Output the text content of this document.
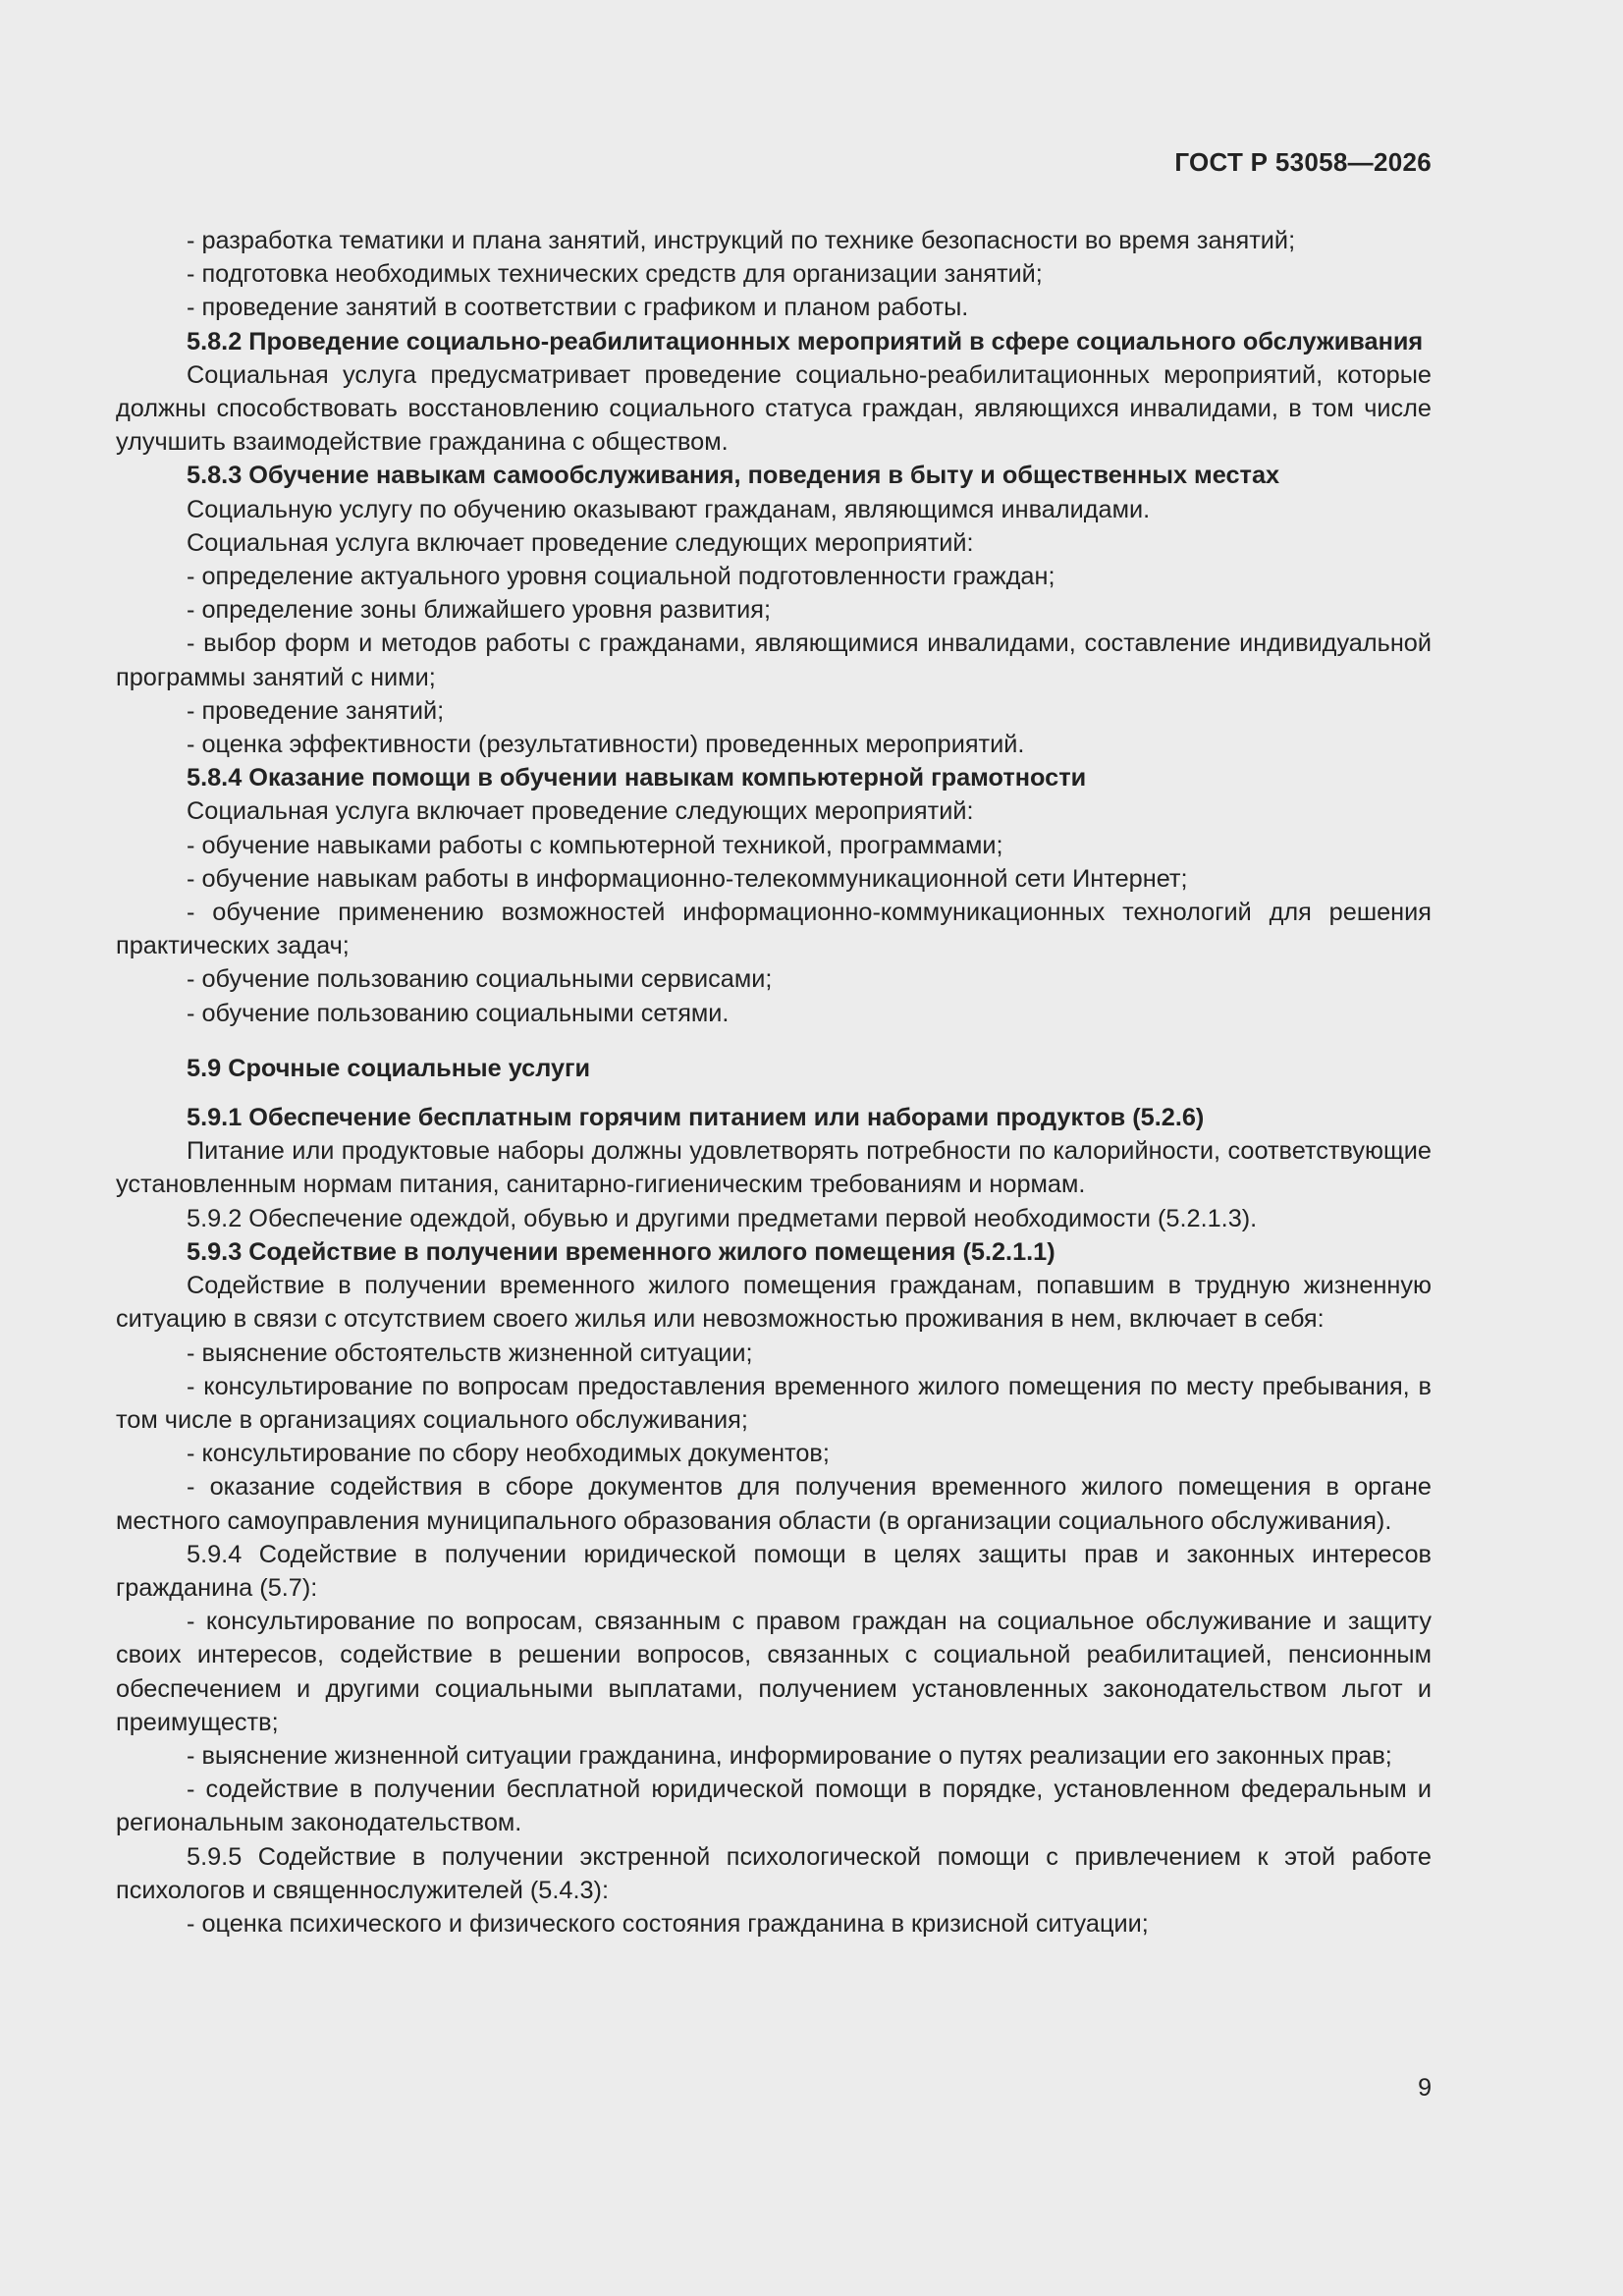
ГОСТ Р 53058—2026

- разработка тематики и плана занятий, инструкций по технике безопасности во время занятий;

- подготовка необходимых технических средств для организации занятий;

- проведение занятий в соответствии с графиком и планом работы.

5.8.2 Проведение социально-реабилитационных мероприятий в сфере социального обслуживания

Социальная услуга предусматривает проведение социально-реабилитационных мероприятий, которые должны способствовать восстановлению социального статуса граждан, являющихся инвалидами, в том числе улучшить взаимодействие гражданина с обществом.

5.8.3 Обучение навыкам самообслуживания, поведения в быту и общественных местах

Социальную услугу по обучению оказывают гражданам, являющимся инвалидами.

Социальная услуга включает проведение следующих мероприятий:

- определение актуального уровня социальной подготовленности граждан;

- определение зоны ближайшего уровня развития;

- выбор форм и методов работы с гражданами, являющимися инвалидами, составление индивидуальной программы занятий с ними;

- проведение занятий;

- оценка эффективности (результативности) проведенных мероприятий.

5.8.4 Оказание помощи в обучении навыкам компьютерной грамотности

Социальная услуга включает проведение следующих мероприятий:

- обучение навыками работы с компьютерной техникой, программами;

- обучение навыкам работы в информационно-телекоммуникационной сети Интернет;

- обучение применению возможностей информационно-коммуникационных технологий для решения практических задач;

- обучение пользованию социальными сервисами;

- обучение пользованию социальными сетями.

5.9 Срочные социальные услуги

5.9.1 Обеспечение бесплатным горячим питанием или наборами продуктов (5.2.6)

Питание или продуктовые наборы должны удовлетворять потребности по калорийности, соответствующие установленным нормам питания, санитарно-гигиеническим требованиям и нормам.

5.9.2 Обеспечение одеждой, обувью и другими предметами первой необходимости (5.2.1.3).

5.9.3 Содействие в получении временного жилого помещения (5.2.1.1)

Содействие в получении временного жилого помещения гражданам, попавшим в трудную жизненную ситуацию в связи с отсутствием своего жилья или невозможностью проживания в нем, включает в себя:

- выяснение обстоятельств жизненной ситуации;

- консультирование по вопросам предоставления временного жилого помещения по месту пребывания, в том числе в организациях социального обслуживания;

- консультирование по сбору необходимых документов;

- оказание содействия в сборе документов для получения временного жилого помещения в органе местного самоуправления муниципального образования области (в организации социального обслуживания).

5.9.4 Содействие в получении юридической помощи в целях защиты прав и законных интересов гражданина (5.7):

- консультирование по вопросам, связанным с правом граждан на социальное обслуживание и защиту своих интересов, содействие в решении вопросов, связанных с социальной реабилитацией, пенсионным обеспечением и другими социальными выплатами, получением установленных законодательством льгот и преимуществ;

- выяснение жизненной ситуации гражданина, информирование о путях реализации его законных прав;

- содействие в получении бесплатной юридической помощи в порядке, установленном федеральным и региональным законодательством.

5.9.5 Содействие в получении экстренной психологической помощи с привлечением к этой работе психологов и священнослужителей (5.4.3):

- оценка психического и физического состояния гражданина в кризисной ситуации;

9
